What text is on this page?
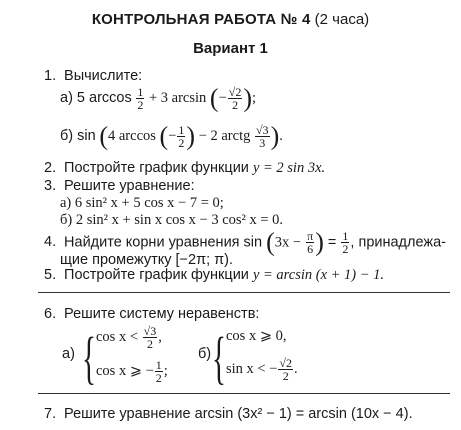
КОНТРОЛЬНАЯ РАБОТА № 4 (2 часа)
Вариант 1
1. Вычислите:
а) 5 $\arccos \frac{1}{2} + 3$ arcsin (− $\frac{√2}{2}$ );
б) sin (4 arccos (− $\frac{1}{2}$ ) − 2 arctg $\frac{√3}{3}$ ).
2. Постройте график функции y = 2 sin 3x.
3. Решите уравнение:
а) 6 sin² x + 5 cos x − 7 = 0;
б) 2 sin² x + sin x cos x − 3 cos² x = 0.
4. Найдите корни уравнения $\sin (3x - \frac{\pi}{6}$ ) = $\frac{1}{2}$ , принадлежа-
щие промежутку [−2π; π).
5. Постройте график функции y = arcsin (x + 1) − 1.
6. Решите систему неравенств:
а) { $\cos x < \frac{√3}{2}$ ,
cos x ⩾ − $\frac{1}{2}$ ;
б) { cos x ⩾ 0,
sin x < − $\frac{√2}{2}$ .
7. Решите уравнение arcsin (3x² − 1) = arcsin (10x − 4).
